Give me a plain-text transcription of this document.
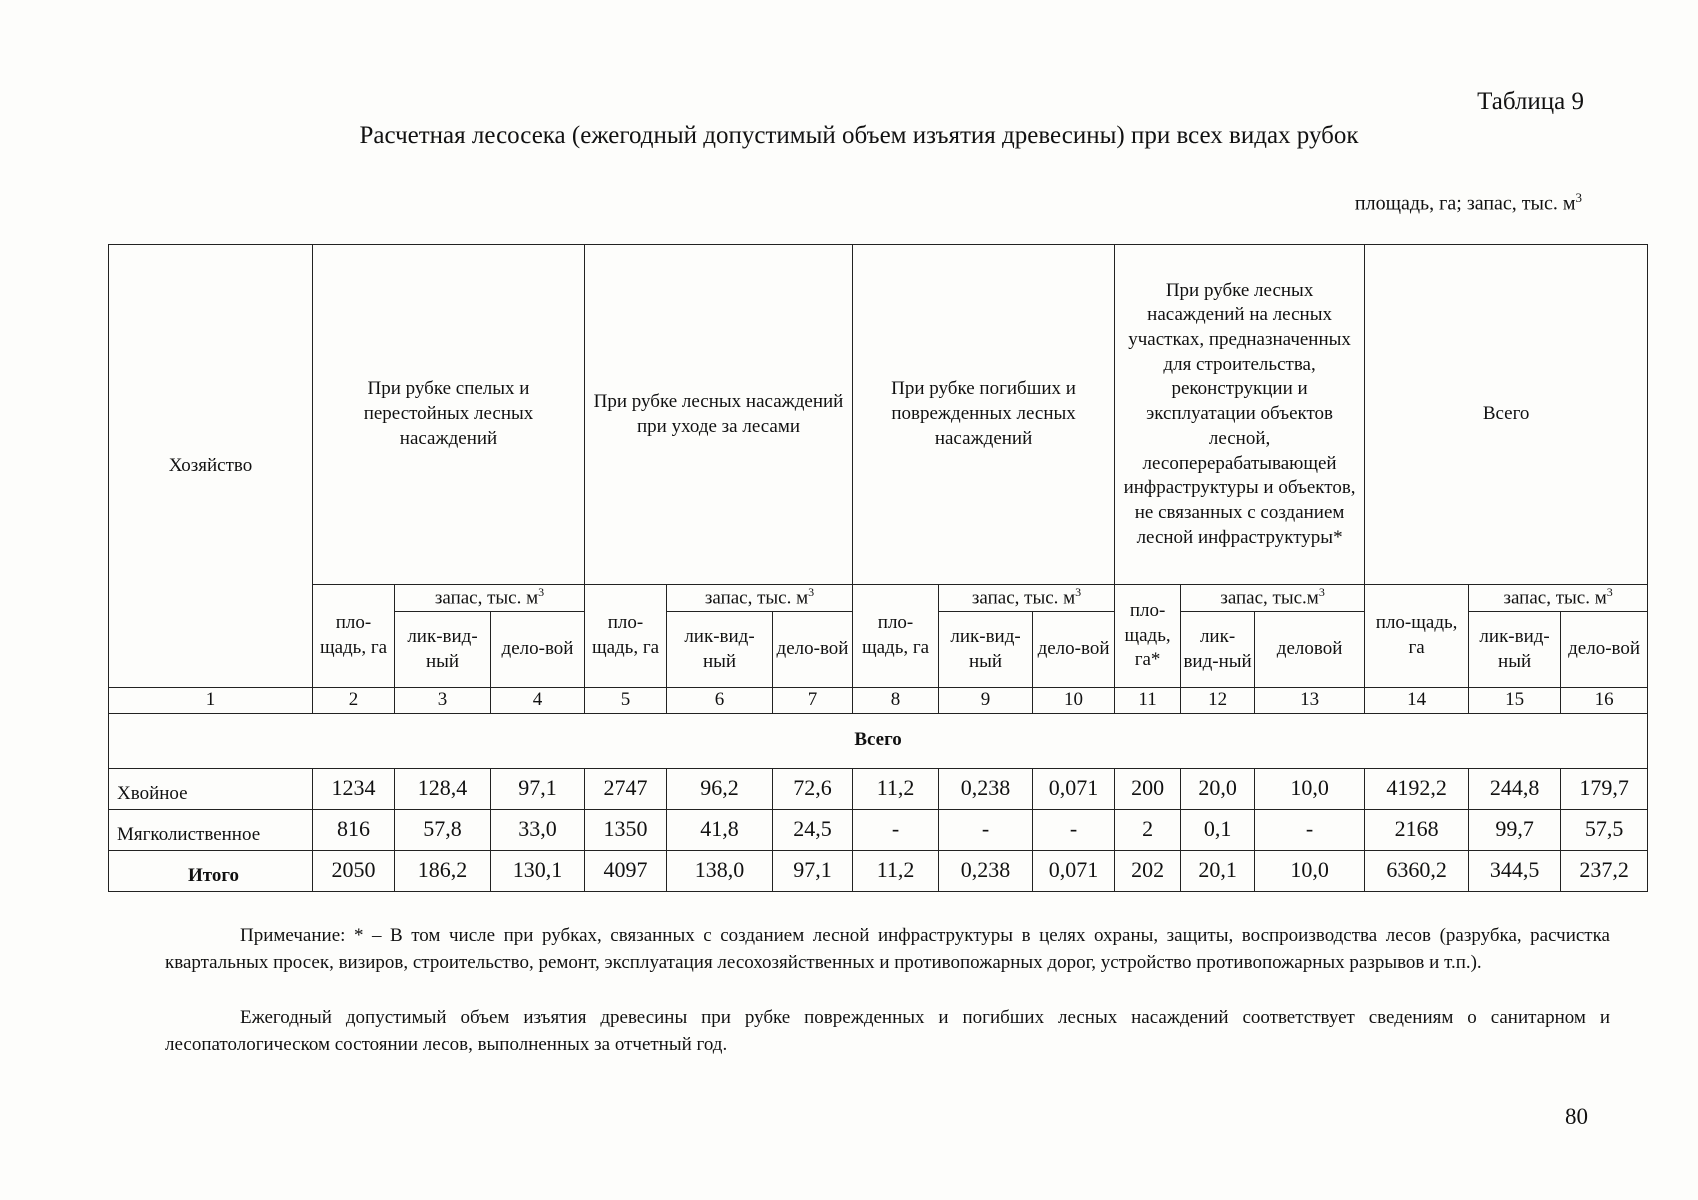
Таблица 9
Расчетная лесосека (ежегодный допустимый объем изъятия древесины) при всех видах рубок
площадь, га; запас, тыс. $м^3$
Хозяйство	При рубке спелых и перестойных лесных насаждений			При рубке лесных насаждений при уходе за лесами			При рубке погибших и поврежденных лесных насаждений			При рубке лесных насаждений на лесных участках, предназначенных для строительства, реконструкции и эксплуатации объектов лесной, лесоперерабатывающей инфраструктуры и объектов, не связанных с созданием лесной инфраструктуры*			Всего		
	пло-щадь, га	запас, тыс. $м^3$		пло-щадь, га	запас, тыс. $м^3$		пло-щадь, га	запас, тыс. $м^3$		пло-щадь, га*	запас, $тыс.м^3$		пло-щадь, га	запас, тыс. $м^3$
		лик-вид-ный	дело-вой		лик-вид-ный	дело-вой		лик-вид-ный	дело-вой		лик-вид-ный	деловой		лик-вид-ный	дело-вой
1	2	3	4	5	6	7	8	9	10	11	12	13	14	15	16
Всего															
Хвойное	1234	128,4	97,1	2747	96,2	72,6	11,2	0,238	0,071	200	20,0	10,0	4192,2	244,8	179,7
Мягколиственное	816	57,8	33,0	1350	41,8	24,5	-	-	-	2	0,1	-	2168	99,7	57,5
Итого	2050	186,2	130,1	4097	138,0	97,1	11,2	0,238	0,071	202	20,1	10,0	6360,2	344,5	237,2

Примечание: * – В том числе при рубках, связанных с созданием лесной инфраструктуры в целях охраны, защиты, воспроизводства лесов (разрубка, расчистка квартальных просек, визиров, строительство, ремонт, эксплуатация лесохозяйственных и противопожарных дорог, устройство противопожарных разрывов и т.п.).

Ежегодный допустимый объем изъятия древесины при рубке поврежденных и погибших лесных насаждений соответствует сведениям о санитарном и лесопатологическом состоянии лесов, выполненных за отчетный год.

80
